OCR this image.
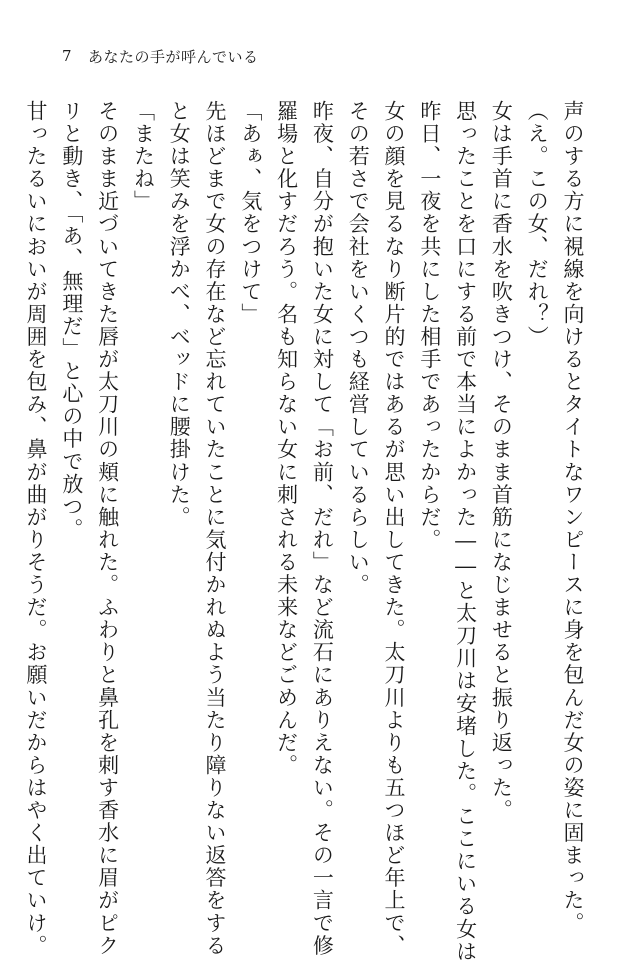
7 あなたの手が呼んでいる
声のする方に視線を向けるとタイトなワンピースに身を包んだ女の姿に固まった。
（え。この女、だれ？）
女は手首に香水を吹きつけ、そのまま首筋になじませると振り返った。
思ったことを口にする前で本当によかった――と太刀川は安堵した。ここにいる女は
昨日、一夜を共にした相手であったからだ。
女の顔を見るなり断片的ではあるが思い出してきた。太刀川よりも五つほど年上で、
その若さで会社をいくつも経営しているらしい。
昨夜、自分が抱いた女に対して「お前、だれ」など流石にありえない。その一言で修
羅場と化すだろう。名も知らない女に刺される未来などごめんだ。
「あぁ、気をつけて」
先ほどまで女の存在など忘れていたことに気付かれぬよう当たり障りない返答をする
と女は笑みを浮かべ、ベッドに腰掛けた。
「またね」
そのまま近づいてきた唇が太刀川の頬に触れた。ふわりと鼻孔を刺す香水に眉がピク
リと動き、「あ、無理だ」と心の中で放つ。
甘ったるいにおいが周囲を包み、鼻が曲がりそうだ。お願いだからはやく出ていけ。
